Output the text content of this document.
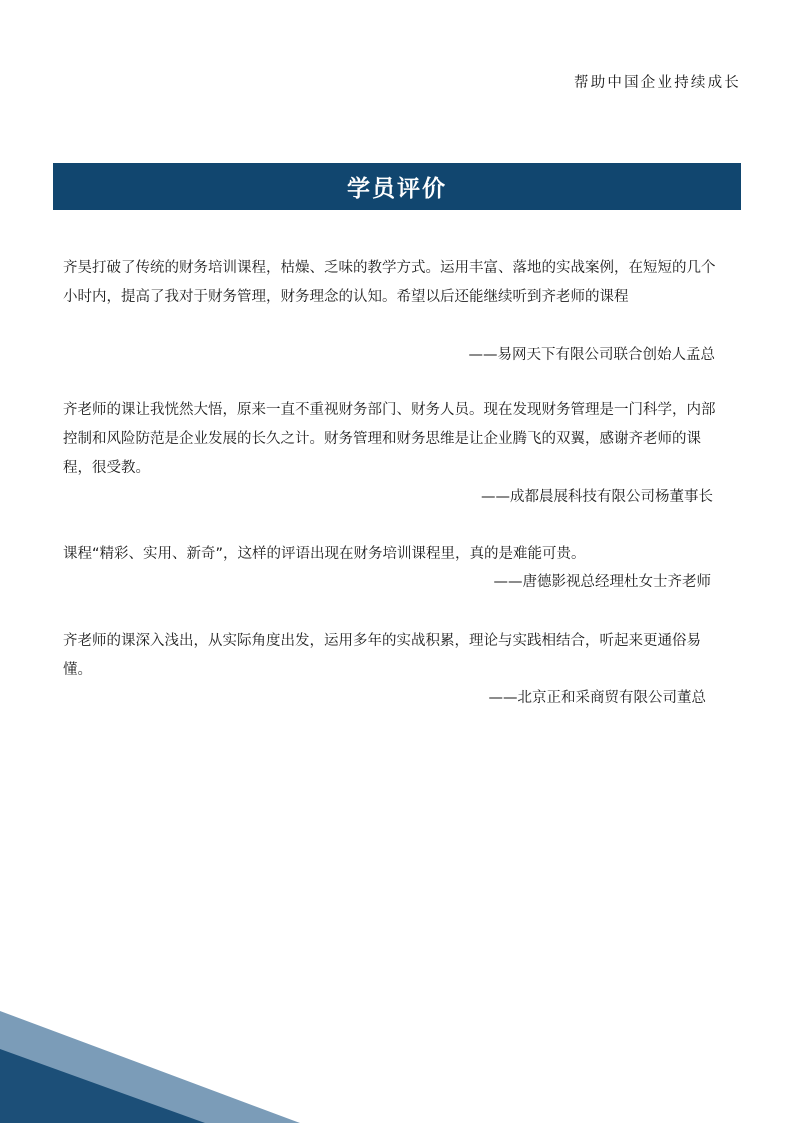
帮助中国企业持续成长
学员评价

齐昊打破了传统的财务培训课程，枯燥、乏味的教学方式。运用丰富、落地的实战案例，在短短的几个小时内，提高了我对于财务管理，财务理念的认知。希望以后还能继续听到齐老师的课程

——易网天下有限公司联合创始人孟总

齐老师的课让我恍然大悟，原来一直不重视财务部门、财务人员。现在发现财务管理是一门科学，内部控制和风险防范是企业发展的长久之计。财务管理和财务思维是让企业腾飞的双翼，感谢齐老师的课程，很受教。

——成都晨展科技有限公司杨董事长

课程“精彩、实用、新奇”，这样的评语出现在财务培训课程里，真的是难能可贵。

——唐德影视总经理杜女士齐老师

齐老师的课深入浅出，从实际角度出发，运用多年的实战积累，理论与实践相结合，听起来更通俗易懂。

——北京正和采商贸有限公司董总
